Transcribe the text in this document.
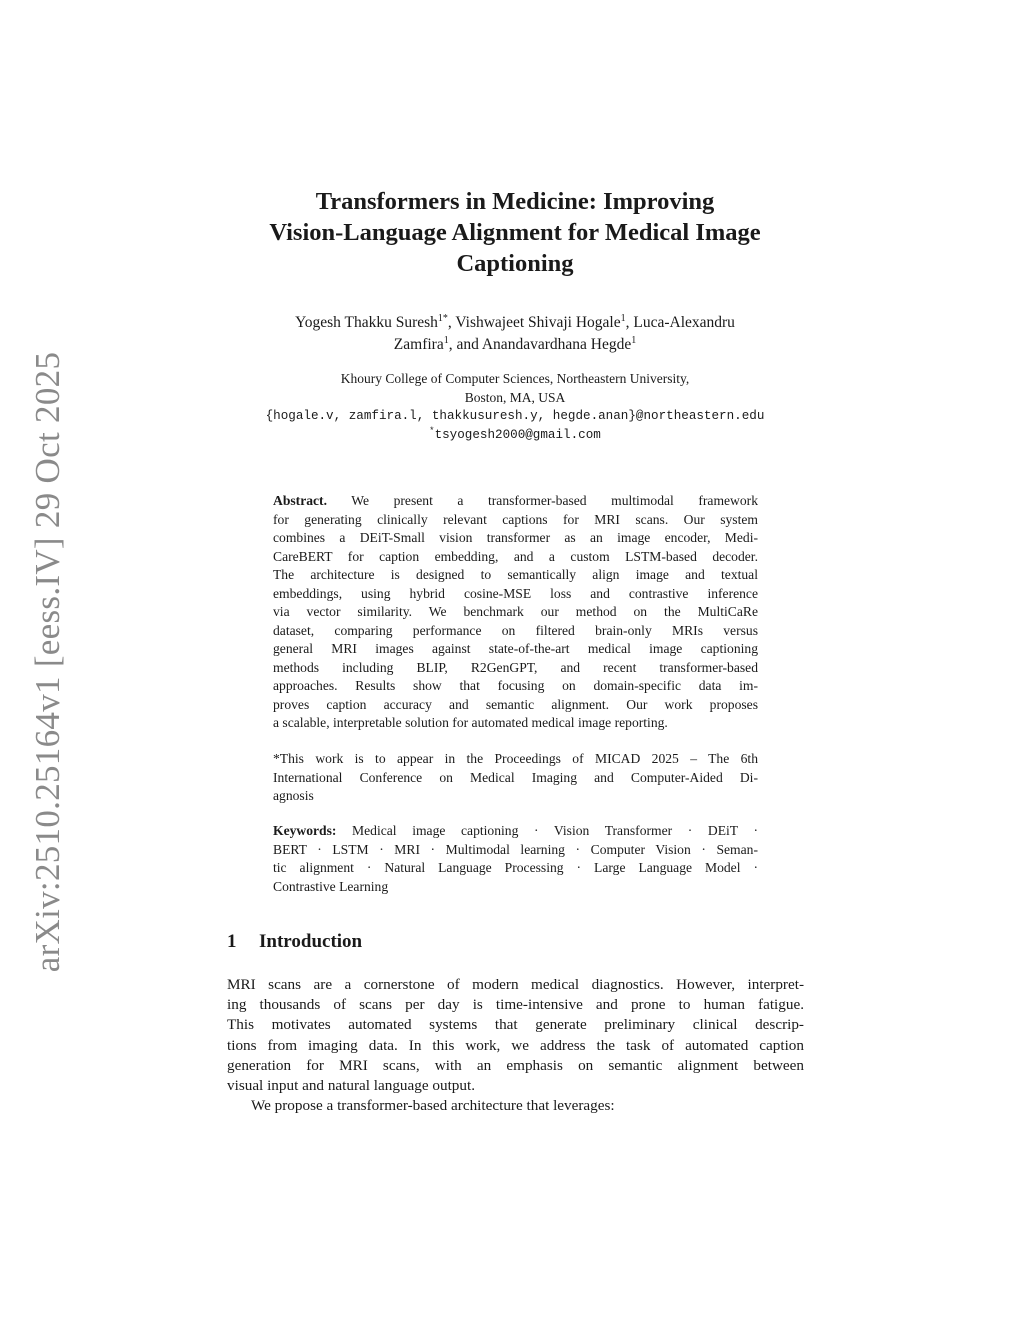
arXiv:2510.25164v1 [eess.IV] 29 Oct 2025
Transformers in Medicine: Improving
Vision-Language Alignment for Medical Image
Captioning
Yogesh Thakku Suresh$^{1*}$, Vishwajeet Shivaji Hogale$^1$, Luca-Alexandru
Zamfira$^1$, and Anandavardhana Hegde$^1$
Khoury College of Computer Sciences, Northeastern University,
Boston, MA, USA
{hogale.v, zamfira.l, thakkusuresh.y, hegde.anan}@northeastern.edu
*tsyogesh2000@gmail.com
Abstract. We present a transformer-based multimodal framework
for generating clinically relevant captions for MRI scans. Our system
combines a DEiT-Small vision transformer as an image encoder, Medi-
CareBERT for caption embedding, and a custom LSTM-based decoder.
The architecture is designed to semantically align image and textual
embeddings, using hybrid cosine-MSE loss and contrastive inference
via vector similarity. We benchmark our method on the MultiCaRe
dataset, comparing performance on filtered brain-only MRIs versus
general MRI images against state-of-the-art medical image captioning
methods including BLIP, R2GenGPT, and recent transformer-based
approaches. Results show that focusing on domain-specific data im-
proves caption accuracy and semantic alignment. Our work proposes
a scalable, interpretable solution for automated medical image reporting.
*This work is to appear in the Proceedings of MICAD 2025 – The 6th
International Conference on Medical Imaging and Computer-Aided Di-
agnosis
Keywords: Medical image captioning · Vision Transformer · DEiT ·
BERT · LSTM · MRI · Multimodal learning · Computer Vision · Seman-
tic alignment · Natural Language Processing · Large Language Model ·
Contrastive Learning
1 Introduction
MRI scans are a cornerstone of modern medical diagnostics. However, interpret-
ing thousands of scans per day is time-intensive and prone to human fatigue.
This motivates automated systems that generate preliminary clinical descrip-
tions from imaging data. In this work, we address the task of automated caption
generation for MRI scans, with an emphasis on semantic alignment between
visual input and natural language output.
We propose a transformer-based architecture that leverages:
